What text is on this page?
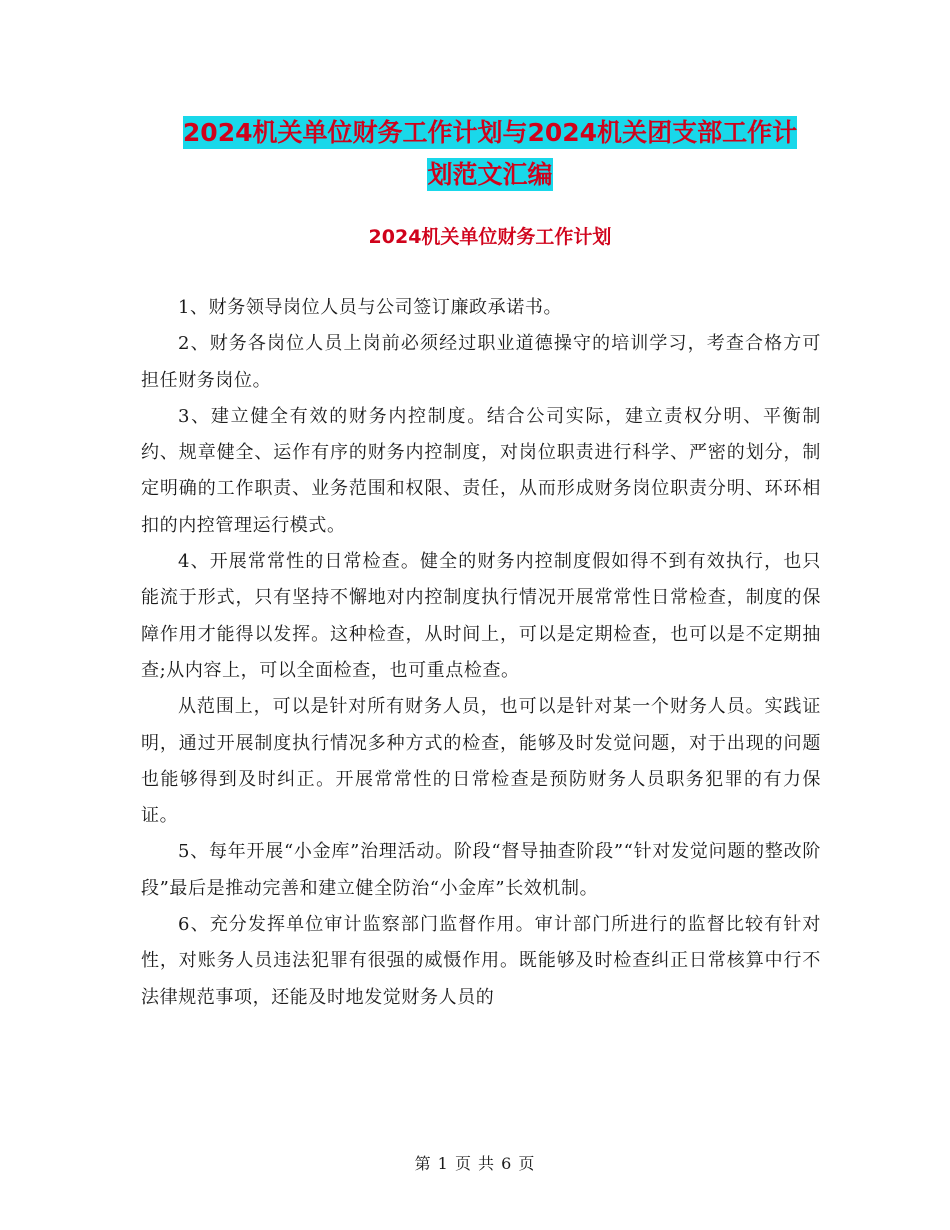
2024机关单位财务工作计划与2024机关团支部工作计
划范文汇编
2024机关单位财务工作计划

1、财务领导岗位人员与公司签订廉政承诺书。

2、财务各岗位人员上岗前必须经过职业道德操守的培训学习，考查合格方可担任财务岗位。

3、建立健全有效的财务内控制度。结合公司实际，建立责权分明、平衡制约、规章健全、运作有序的财务内控制度，对岗位职责进行科学、严密的划分，制定明确的工作职责、业务范围和权限、责任，从而形成财务岗位职责分明、环环相扣的内控管理运行模式。

4、开展常常性的日常检查。健全的财务内控制度假如得不到有效执行，也只能流于形式，只有坚持不懈地对内控制度执行情况开展常常性日常检查，制度的保障作用才能得以发挥。这种检查，从时间上，可以是定期检查，也可以是不定期抽查;从内容上，可以全面检查，也可重点检查。

从范围上，可以是针对所有财务人员，也可以是针对某一个财务人员。实践证明，通过开展制度执行情况多种方式的检查，能够及时发觉问题，对于出现的问题也能够得到及时纠正。开展常常性的日常检查是预防财务人员职务犯罪的有力保证。

5、每年开展“小金库”治理活动。阶段“督导抽查阶段”“针对发觉问题的整改阶段”最后是推动完善和建立健全防治“小金库”长效机制。

6、充分发挥单位审计监察部门监督作用。审计部门所进行的监督比较有针对性，对账务人员违法犯罪有很强的威慑作用。既能够及时检查纠正日常核算中行不法律规范事项，还能及时地发觉财务人员的

第 1 页 共 6 页
